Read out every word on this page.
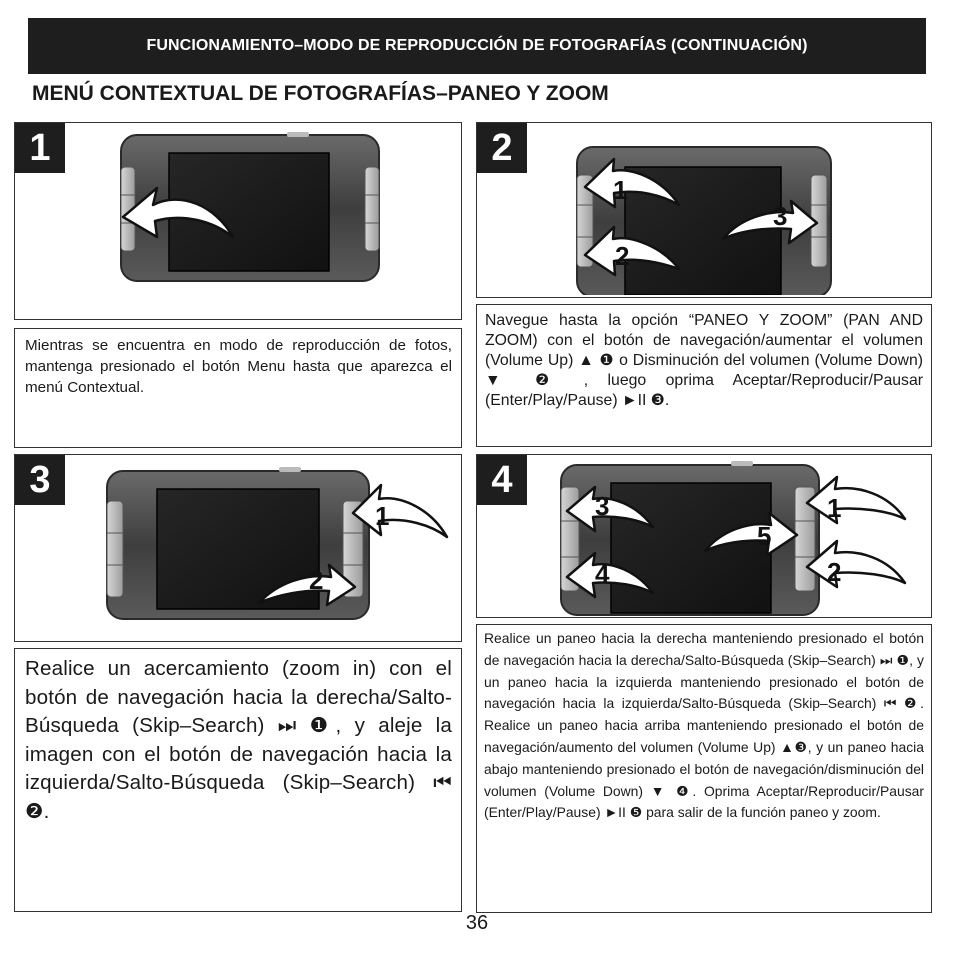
FUNCIONAMIENTO–MODO DE REPRODUCCIÓN DE FOTOGRAFÍAS (CONTINUACIÓN)
MENÚ CONTEXTUAL DE FOTOGRAFÍAS–PANEO Y ZOOM
1
Mientras se encuentra en modo de reproducción de fotos, mantenga presionado el botón Menu hasta que aparezca el menú Contextual.
2
1
2
3
Navegue hasta la opción “PANEO Y ZOOM” (PAN AND ZOOM) con el botón de navegación/aumentar el volumen (Volume Up) ▲ ❶ o Disminución del volumen (Volume Down) ▼ ❷ , luego oprima Aceptar/Reproducir/Pausar (Enter/Play/Pause) ►II ❸.
3
1
2
Realice un acercamiento (zoom in) con el botón de navegación hacia la derecha/Salto-Búsqueda (Skip–Search) ⏭ ❶, y aleje la imagen con el botón de navegación hacia la izquierda/Salto-Búsqueda (Skip–Search) ⏮ ❷.
4
3
4
5
1
2
Realice un paneo hacia la derecha manteniendo presionado el botón de navegación hacia la derecha/Salto-Búsqueda (Skip–Search) ⏭ ❶, y un paneo hacia la izquierda manteniendo presionado el botón de navegación hacia la izquierda/Salto-Búsqueda (Skip–Search) ⏮ ❷. Realice un paneo hacia arriba manteniendo presionado el botón de navegación/aumento del volumen (Volume Up) ▲❸, y un paneo hacia abajo manteniendo presionado el botón de navegación/disminución del volumen (Volume Down) ▼ ❹. Oprima Aceptar/Reproducir/Pausar (Enter/Play/Pause) ►II ❺ para salir de la función paneo y zoom.
36
